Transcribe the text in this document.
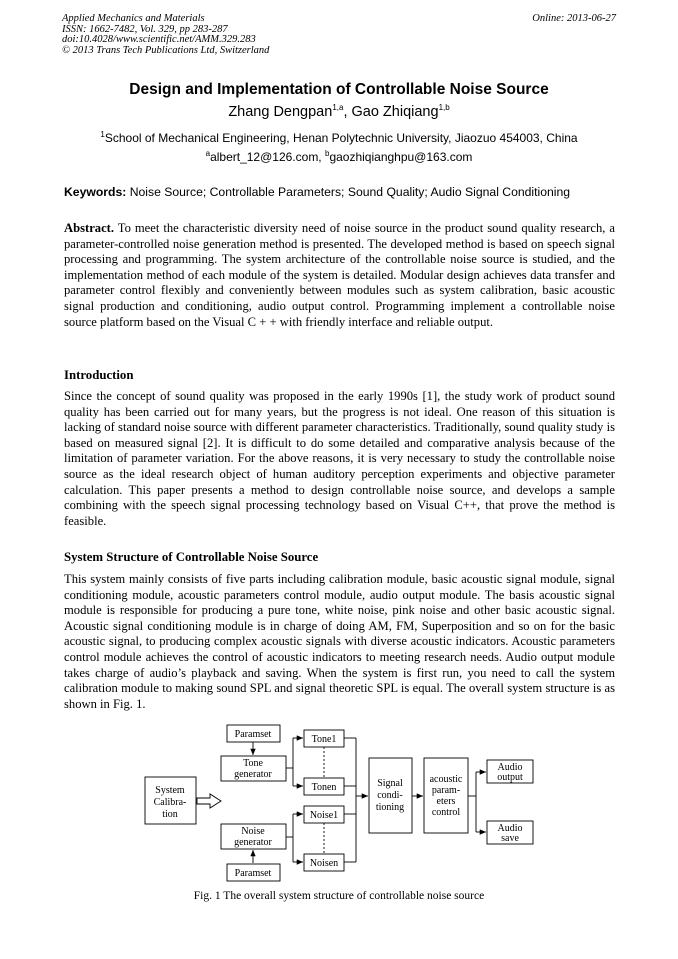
Applied Mechanics and Materials
ISSN: 1662-7482, Vol. 329, pp 283-287
doi:10.4028/www.scientific.net/AMM.329.283
© 2013 Trans Tech Publications Ltd, Switzerland
Online: 2013-06-27
Design and Implementation of Controllable Noise Source
Zhang Dengpan$^{1,a}$, Gao Zhiqiang$^{1,b}$
$^1$School of Mechanical Engineering, Henan Polytechnic University, Jiaozuo 454003, China
$^a$albert_12@126.com, $^b$gaozhiqianghpu@163.com
Keywords: Noise Source; Controllable Parameters; Sound Quality; Audio Signal Conditioning
Abstract. To meet the characteristic diversity need of noise source in the product sound quality research, a parameter-controlled noise generation method is presented. The developed method is based on speech signal processing and programming. The system architecture of the controllable noise source is studied, and the implementation method of each module of the system is detailed. Modular design achieves data transfer and parameter control flexibly and conveniently between modules such as system calibration, basic acoustic signal production and conditioning, audio output control. Programming implement a controllable noise source platform based on the Visual C + + with friendly interface and reliable output.
Introduction
Since the concept of sound quality was proposed in the early 1990s [1], the study work of product sound quality has been carried out for many years, but the progress is not ideal. One reason of this situation is lacking of standard noise source with different parameter characteristics. Traditionally, sound quality study is based on measured signal [2]. It is difficult to do some detailed and comparative analysis because of the limitation of parameter variation. For the above reasons, it is very necessary to study the controllable noise source as the ideal research object of human auditory perception experiments and objective parameter calculation. This paper presents a method to design controllable noise source, and develops a sample combining with the speech signal processing technology based on Visual C++, that prove the method is feasible.
System Structure of Controllable Noise Source
This system mainly consists of five parts including calibration module, basic acoustic signal module, signal conditioning module, acoustic parameters control module, audio output module. The basis acoustic signal module is responsible for producing a pure tone, white noise, pink noise and other basic acoustic signal. Acoustic signal conditioning module is in charge of doing AM, FM, Superposition and so on for the basic acoustic signal, to producing complex acoustic signals with diverse acoustic indicators. Acoustic parameters control module achieves the control of acoustic indicators to meeting research needs. Audio output module takes charge of audio’s playback and saving. When the system is first run, you need to call the system calibration module to making sound SPL and signal theoretic SPL is equal. The overall system structure is as shown in Fig. 1.
System
Calibra-
tion
Paramset
Tone
generator
Tone1
Tonen
Noise
generator
Paramset
Noise1
Noisen
Signal
condi-
tioning
acoustic
param-
eters
control
Audio
output
Audio
save
Fig. 1 The overall system structure of controllable noise source
